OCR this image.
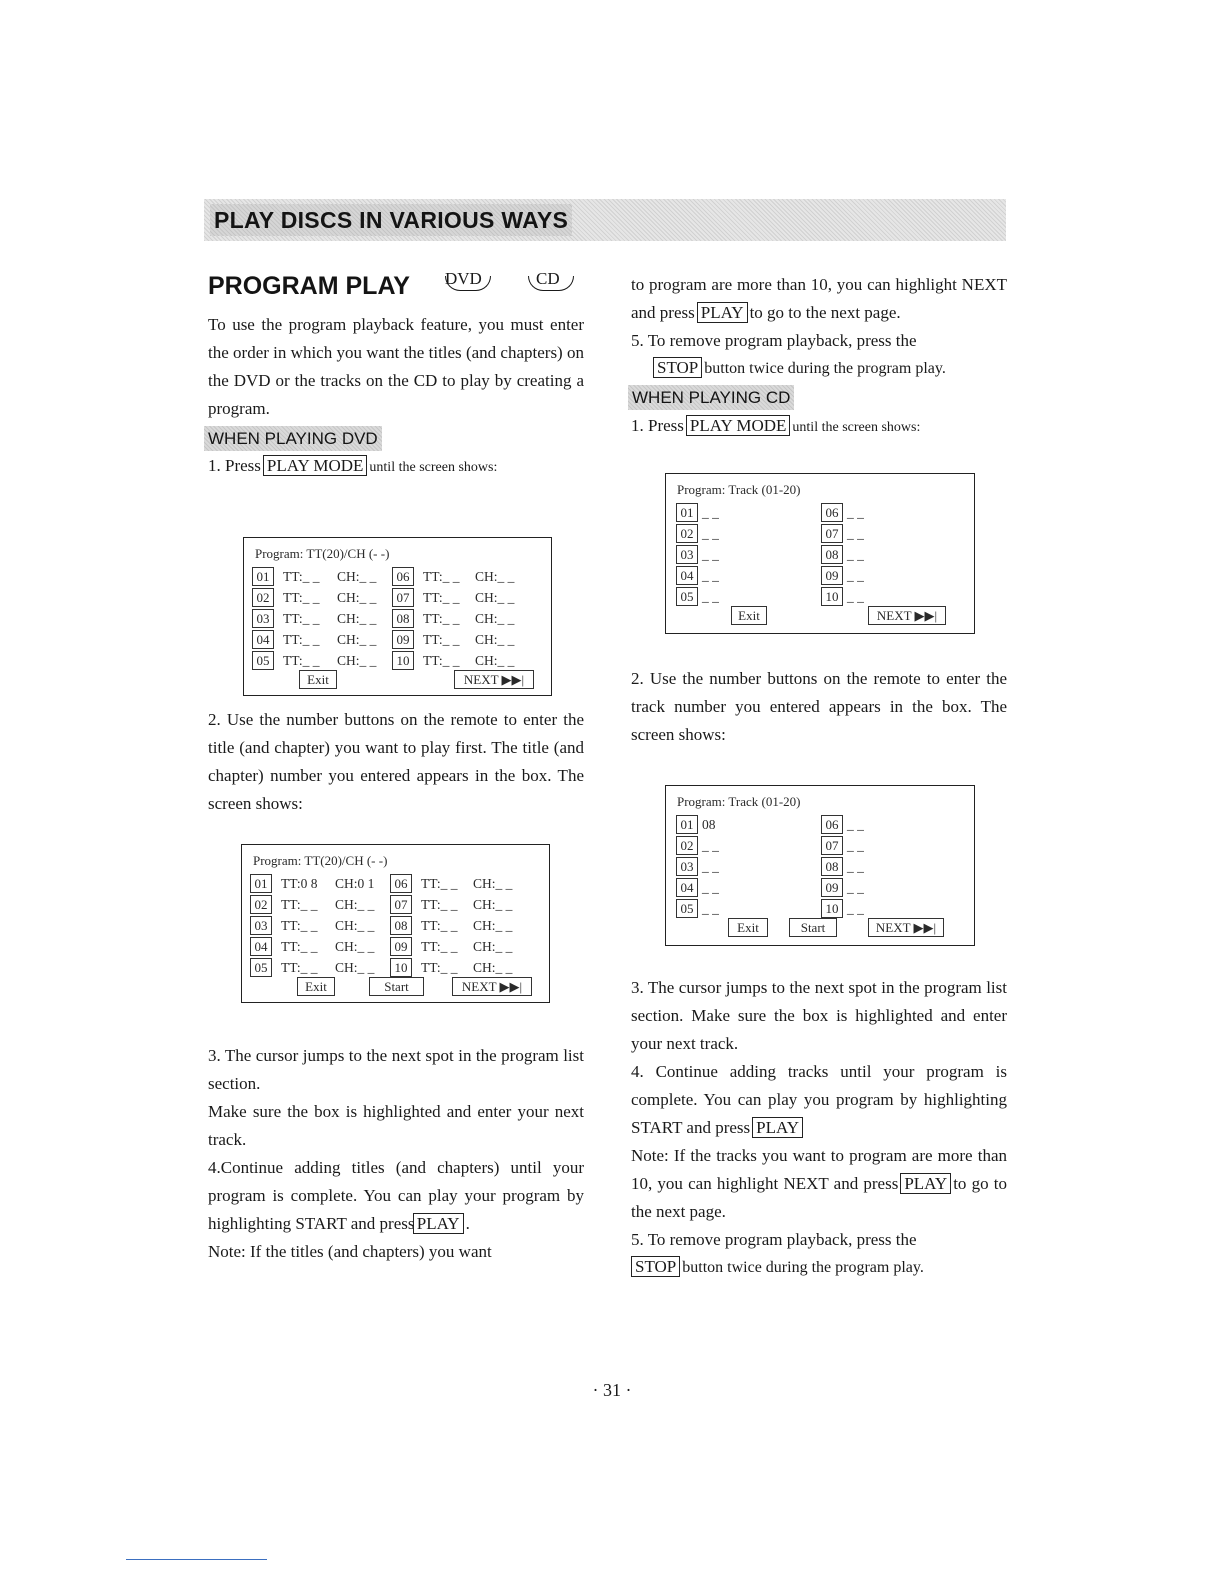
PLAY DISCS IN VARIOUS WAYS
PROGRAM PLAY DVD	CD

To use the program playback feature, you must enter the order in which you want the titles (and chapters) on the DVD or the tracks on the CD to play by creating a program.

WHEN PLAYING DVD

1. Press PLAY MODE until the screen shows:

Program: TT(20)/CH (- -)
01	TT:_ _ CH:_ _	06	TT:_ _ CH:_ _
02	TT:_ _ CH:_ _	07	TT:_ _ CH:_ _
03	TT:_ _ CH:_ _	08	TT:_ _ CH:_ _
04	TT:_ _ CH:_ _	09	TT:_ _ CH:_ _
05	TT:_ _ CH:_ _	10	TT:_ _ CH:_ _
Exit	NEXT ▶▶|

2. Use the number buttons on the remote to enter the title (and chapter) you want to play first. The title (and chapter) number you entered appears in the box. The screen shows:

Program: TT(20)/CH (- -)
01	TT:0 8 CH:0 1	06	TT:_ _ CH:_ _
02	TT:_ _ CH:_ _	07	TT:_ _ CH:_ _
03	TT:_ _ CH:_ _	08	TT:_ _ CH:_ _
04	TT:_ _ CH:_ _	09	TT:_ _ CH:_ _
05	TT:_ _ CH:_ _	10	TT:_ _ CH:_ _
Exit	Start	NEXT ▶▶|

3. The cursor jumps to the next spot in the program list section.

Make sure the box is highlighted and enter your next track.

4.Continue adding titles (and chapters) until your program is complete. You can play your program by highlighting START and press PLAY .

Note: If the titles (and chapters) you want

to program are more than 10, you can highlight NEXT and press PLAY to go to the next page.

5. To remove program playback, press the

STOP button twice during the program play.

WHEN PLAYING CD

1. Press PLAY MODE until the screen shows:

Program: Track (01-20)
01 _ _	06 _ _
02 _ _	07 _ _
03 _ _	08 _ _
04 _ _	09 _ _
05 _ _	10 _ _
Exit	NEXT ▶▶|

2. Use the number buttons on the remote to enter the track number you entered appears in the box. The screen shows:

Program: Track (01-20)
01 08	06 _ _
02 _ _	07 _ _
03 _ _	08 _ _
04 _ _	09 _ _
05 _ _	10 _ _
Exit	Start	NEXT ▶▶|

3. The cursor jumps to the next spot in the program list section. Make sure the box is highlighted and enter your next track.

4. Continue adding tracks until your program is complete. You can play you program by highlighting START and press PLAY

Note: If the tracks you want to program are more than 10, you can highlight NEXT and press PLAY to go to the next page.

5. To remove program playback, press the

STOP button twice during the program play.

· 31 ·
